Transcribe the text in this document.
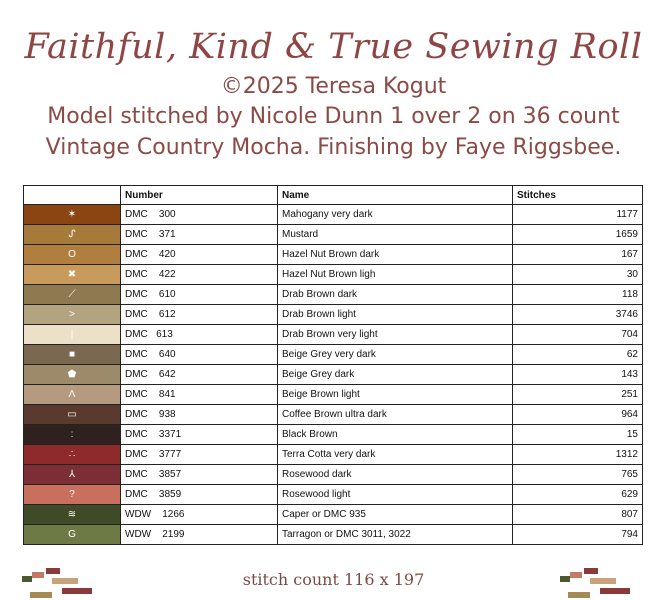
Faithful, Kind & True Sewing Roll
©2025 Teresa Kogut
Model stitched by Nicole Dunn 1 over 2 on 36 count
Vintage Country Mocha. Finishing by Faye Riggsbee.
	Number	Name	Stitches
✶	DMC    300	Mahogany very dark	1177
ᔑ	DMC    371	Mustard	1659
O	DMC    420	Hazel Nut Brown dark	167
✖	DMC    422	Hazel Nut Brown ligh	30
⟋	DMC    610	Drab Brown dark	118
>	DMC    612	Drab Brown light	3746
|	DMC   613	Drab Brown very light	704
■	DMC    640	Beige Grey very dark	62
⬟	DMC    642	Beige Grey dark	143
Λ	DMC    841	Beige Brown light	251
▭	DMC    938	Coffee Brown ultra dark	964
:	DMC    3371	Black Brown	15
∴	DMC    3777	Terra Cotta very dark	1312
⅄	DMC    3857	Rosewood dark	765
?	DMC    3859	Rosewood light	629
≋	WDW    1266	Caper or DMC 935	807
G	WDW    2199	Tarragon or DMC 3011, 3022	794
stitch count 116 x 197
